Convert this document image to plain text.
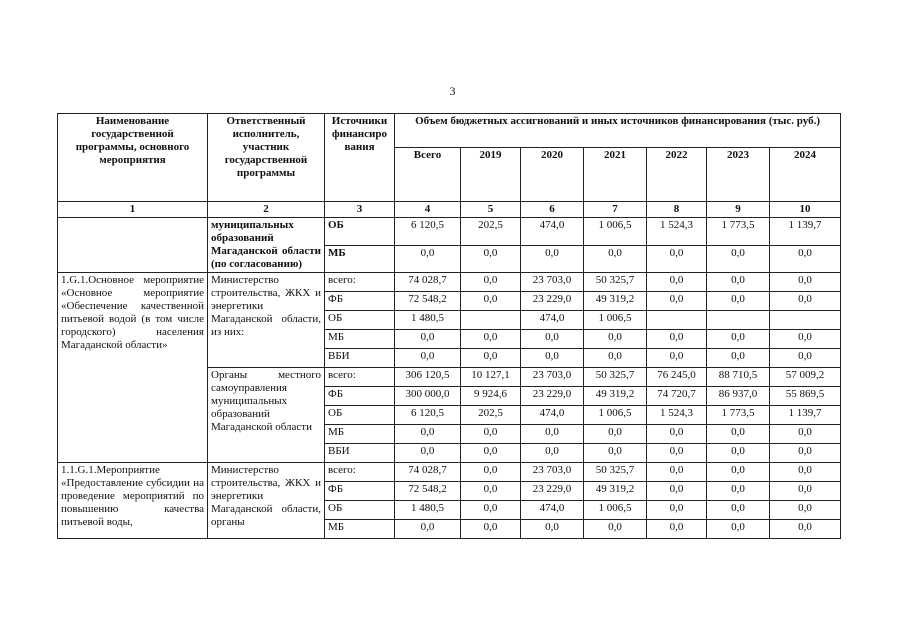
3
Наименование государственной программы, основного мероприятия	Ответственный исполнитель, участник государственной программы	Источники финансиро вания	Объем бюджетных ассигнований и иных источников финансирования (тыс. руб.)						
			Всего	2019	2020	2021	2022	2023	2024
1	2	3	4	5	6	7	8	9	10
	муниципальных образований Магаданской области (по согласованию)	ОБ	6 120,5	202,5	474,0	1 006,5	1 524,3	1 773,5	1 139,7
		МБ	0,0	0,0	0,0	0,0	0,0	0,0	0,0
1.G.1.Основное мероприятие «Основное мероприятие «Обеспечение качественной питьевой водой (в том числе городского) населения Магаданской области»	Министерство строительства, ЖКХ и энергетики Магаданской области, из них:	всего:	74 028,7	0,0	23 703,0	50 325,7	0,0	0,0	0,0
		ФБ	72 548,2	0,0	23 229,0	49 319,2	0,0	0,0	0,0
		ОБ	1 480,5		474,0	1 006,5			
		МБ	0,0	0,0	0,0	0,0	0,0	0,0	0,0
		ВБИ	0,0	0,0	0,0	0,0	0,0	0,0	0,0
	Органы местного самоуправления муниципальных образований Магаданской области	всего:	306 120,5	10 127,1	23 703,0	50 325,7	76 245,0	88 710,5	57 009,2
		ФБ	300 000,0	9 924,6	23 229,0	49 319,2	74 720,7	86 937,0	55 869,5
		ОБ	6 120,5	202,5	474,0	1 006,5	1 524,3	1 773,5	1 139,7
		МБ	0,0	0,0	0,0	0,0	0,0	0,0	0,0
		ВБИ	0,0	0,0	0,0	0,0	0,0	0,0	0,0
1.1.G.1.Мероприятие «Предоставление субсидии на проведение мероприятий по повышению качества питьевой воды,	Министерство строительства, ЖКХ и энергетики Магаданской области, органы	всего:	74 028,7	0,0	23 703,0	50 325,7	0,0	0,0	0,0
		ФБ	72 548,2	0,0	23 229,0	49 319,2	0,0	0,0	0,0
		ОБ	1 480,5	0,0	474,0	1 006,5	0,0	0,0	0,0
		МБ	0,0	0,0	0,0	0,0	0,0	0,0	0,0
